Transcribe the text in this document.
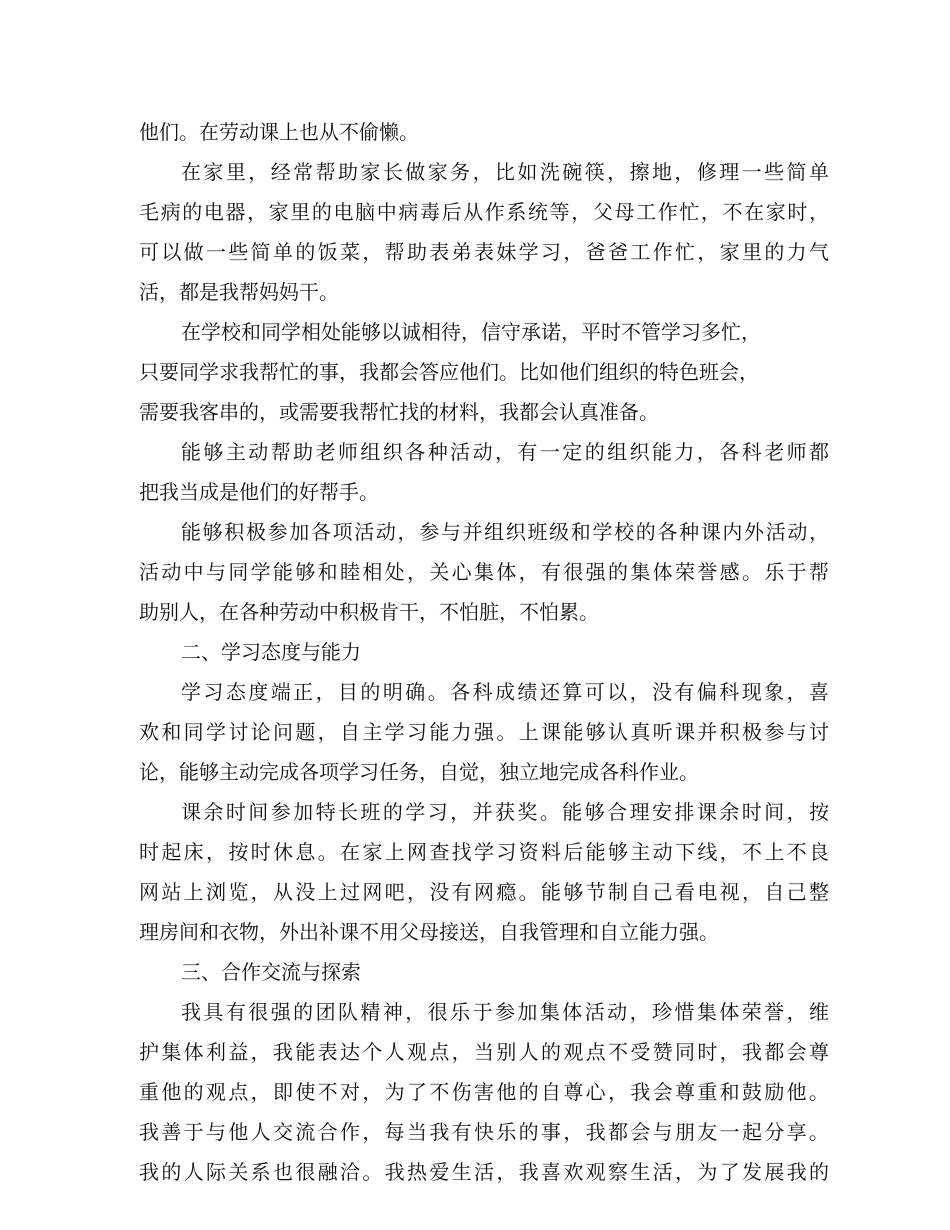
他们。在劳动课上也从不偷懒。
在家里，经常帮助家长做家务，比如洗碗筷，擦地，修理一些简单
毛病的电器，家里的电脑中病毒后从作系统等，父母工作忙，不在家时，
可以做一些简单的饭菜，帮助表弟表妹学习，爸爸工作忙，家里的力气
活，都是我帮妈妈干。
在学校和同学相处能够以诚相待，信守承诺，平时不管学习多忙，
只要同学求我帮忙的事，我都会答应他们。比如他们组织的特色班会，
需要我客串的，或需要我帮忙找的材料，我都会认真准备。
能够主动帮助老师组织各种活动，有一定的组织能力，各科老师都
把我当成是他们的好帮手。
能够积极参加各项活动，参与并组织班级和学校的各种课内外活动，
活动中与同学能够和睦相处，关心集体，有很强的集体荣誉感。乐于帮
助别人，在各种劳动中积极肯干，不怕脏，不怕累。
二、学习态度与能力
学习态度端正，目的明确。各科成绩还算可以，没有偏科现象，喜
欢和同学讨论问题，自主学习能力强。上课能够认真听课并积极参与讨
论，能够主动完成各项学习任务，自觉，独立地完成各科作业。
课余时间参加特长班的学习，并获奖。能够合理安排课余时间，按
时起床，按时休息。在家上网查找学习资料后能够主动下线，不上不良
网站上浏览，从没上过网吧，没有网瘾。能够节制自己看电视，自己整
理房间和衣物，外出补课不用父母接送，自我管理和自立能力强。
三、合作交流与探索
我具有很强的团队精神，很乐于参加集体活动，珍惜集体荣誉，维
护集体利益，我能表达个人观点，当别人的观点不受赞同时，我都会尊
重他的观点，即使不对，为了不伤害他的自尊心，我会尊重和鼓励他。
我善于与他人交流合作，每当我有快乐的事，我都会与朋友一起分享。
我的人际关系也很融洽。我热爱生活，我喜欢观察生活，为了发展我的
